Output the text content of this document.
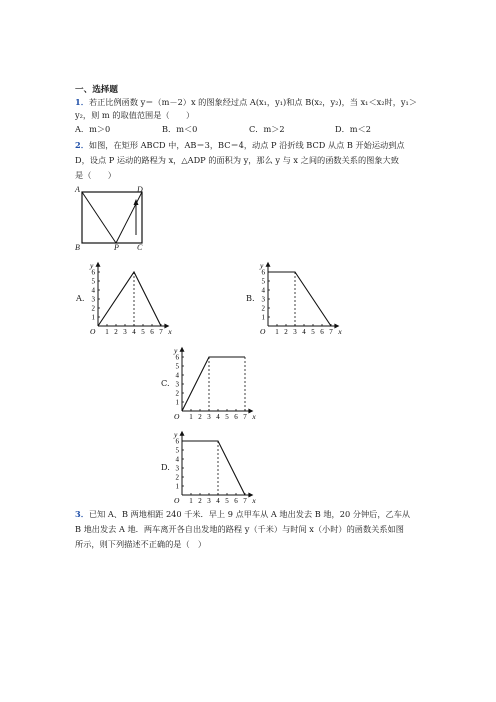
一、选择题
1．若正比例函数 y＝（m－2）x 的图象经过点 A(x₁，y₁)和点 B(x₂，y₂)，当 x₁＜x₂时，y₁＞
y₂，则 m 的取值范围是（　　）
A．m＞0	B．m＜0	C．m＞2	D．m＜2
2．如图，在矩形 ABCD 中，AB＝3，BC＝4，动点 P 沿折线 BCD 从点 B 开始运动到点
D，设点 P 运动的路程为 x，△ADP 的面积为 y，那么 y 与 x 之间的函数关系的图象大致
是（　　）
A	D
B	P C
A.	B.
C.
D.
1 2 3 4 5 6 7
1
2
3
4
5
6
O	x
y
1 2 3 4 5 6 7
1
2
3
4
5
6
O	x
y
1 2 3 4 5 6 7
1
2
3
4
5
6
O	x
y
1 2 3 4 5 6 7
1
2
3
4
5
6
O	x
y
3．已知 A、B 两地相距 240 千米．早上 9 点甲车从 A 地出发去 B 地，20 分钟后，乙车从
B 地出发去 A 地．两车离开各自出发地的路程 y（千米）与时间 x（小时）的函数关系如图
所示，则下列描述不正确的是（　）
